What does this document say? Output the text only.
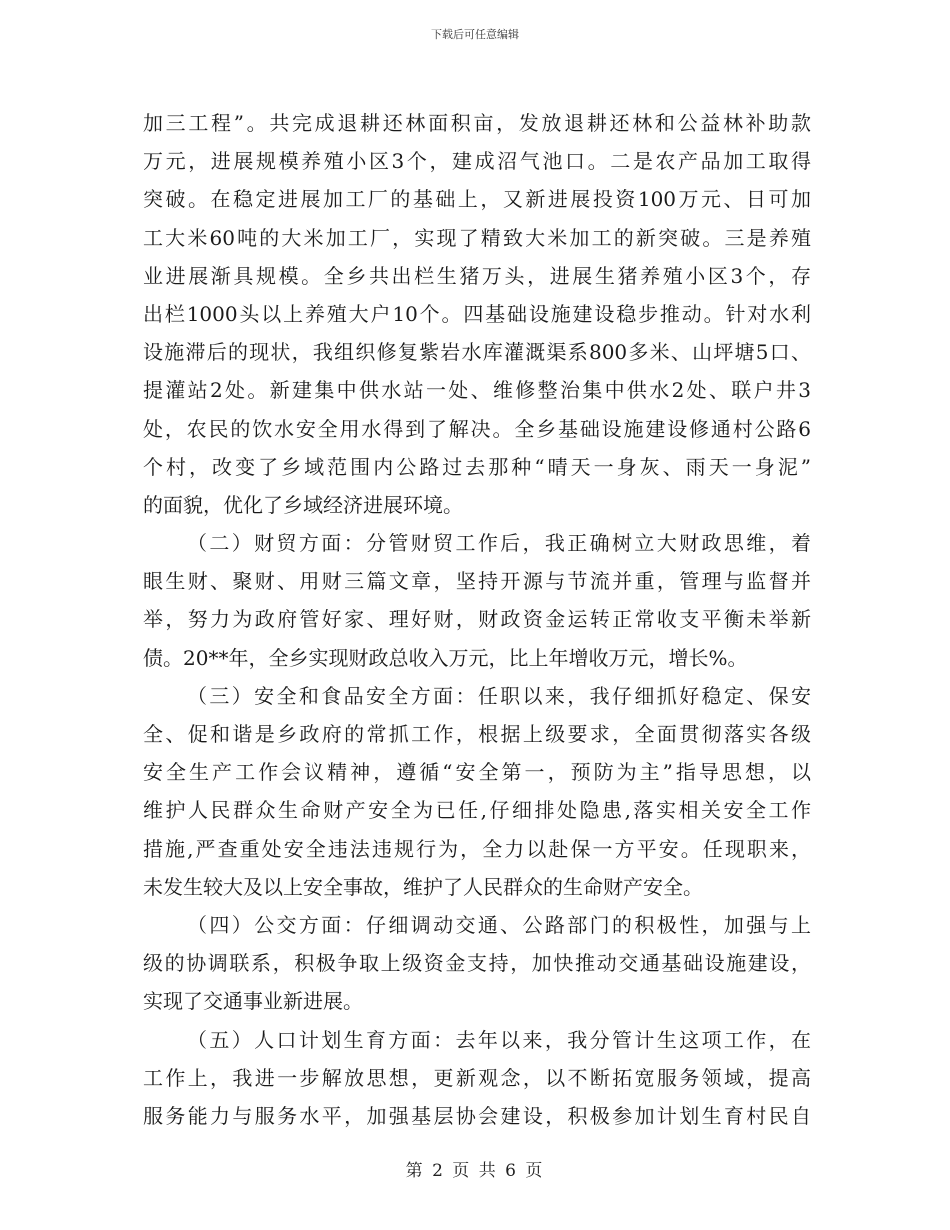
下载后可任意编辑
加三工程”。共完成退耕还林面积亩，发放退耕还林和公益林补助款
万元，进展规模养殖小区3个，建成沼气池口。二是农产品加工取得
突破。在稳定进展加工厂的基础上，又新进展投资100万元、日可加
工大米60吨的大米加工厂，实现了精致大米加工的新突破。三是养殖
业进展渐具规模。全乡共出栏生猪万头，进展生猪养殖小区3个，存
出栏1000头以上养殖大户10个。四基础设施建设稳步推动。针对水利
设施滞后的现状，我组织修复紫岩水库灌溉渠系800多米、山坪塘5口、
提灌站2处。新建集中供水站一处、维修整治集中供水2处、联户井3
处，农民的饮水安全用水得到了解决。全乡基础设施建设修通村公路6
个村，改变了乡域范围内公路过去那种“晴天一身灰、雨天一身泥”
的面貌，优化了乡域经济进展环境。
（二）财贸方面：分管财贸工作后，我正确树立大财政思维，着
眼生财、聚财、用财三篇文章，坚持开源与节流并重，管理与监督并
举，努力为政府管好家、理好财，财政资金运转正常收支平衡未举新
债。20**年，全乡实现财政总收入万元，比上年增收万元，增长%。
（三）安全和食品安全方面：任职以来，我仔细抓好稳定、保安
全、促和谐是乡政府的常抓工作，根据上级要求，全面贯彻落实各级
安全生产工作会议精神，遵循“安全第一，预防为主”指导思想，以
维护人民群众生命财产安全为已任,仔细排处隐患,落实相关安全工作
措施,严查重处安全违法违规行为，全力以赴保一方平安。任现职来，
未发生较大及以上安全事故，维护了人民群众的生命财产安全。
（四）公交方面：仔细调动交通、公路部门的积极性，加强与上
级的协调联系，积极争取上级资金支持，加快推动交通基础设施建设，
实现了交通事业新进展。
（五）人口计划生育方面：去年以来，我分管计生这项工作，在
工作上，我进一步解放思想，更新观念，以不断拓宽服务领域，提高
服务能力与服务水平，加强基层协会建设，积极参加计划生育村民自
第 2 页 共 6 页
